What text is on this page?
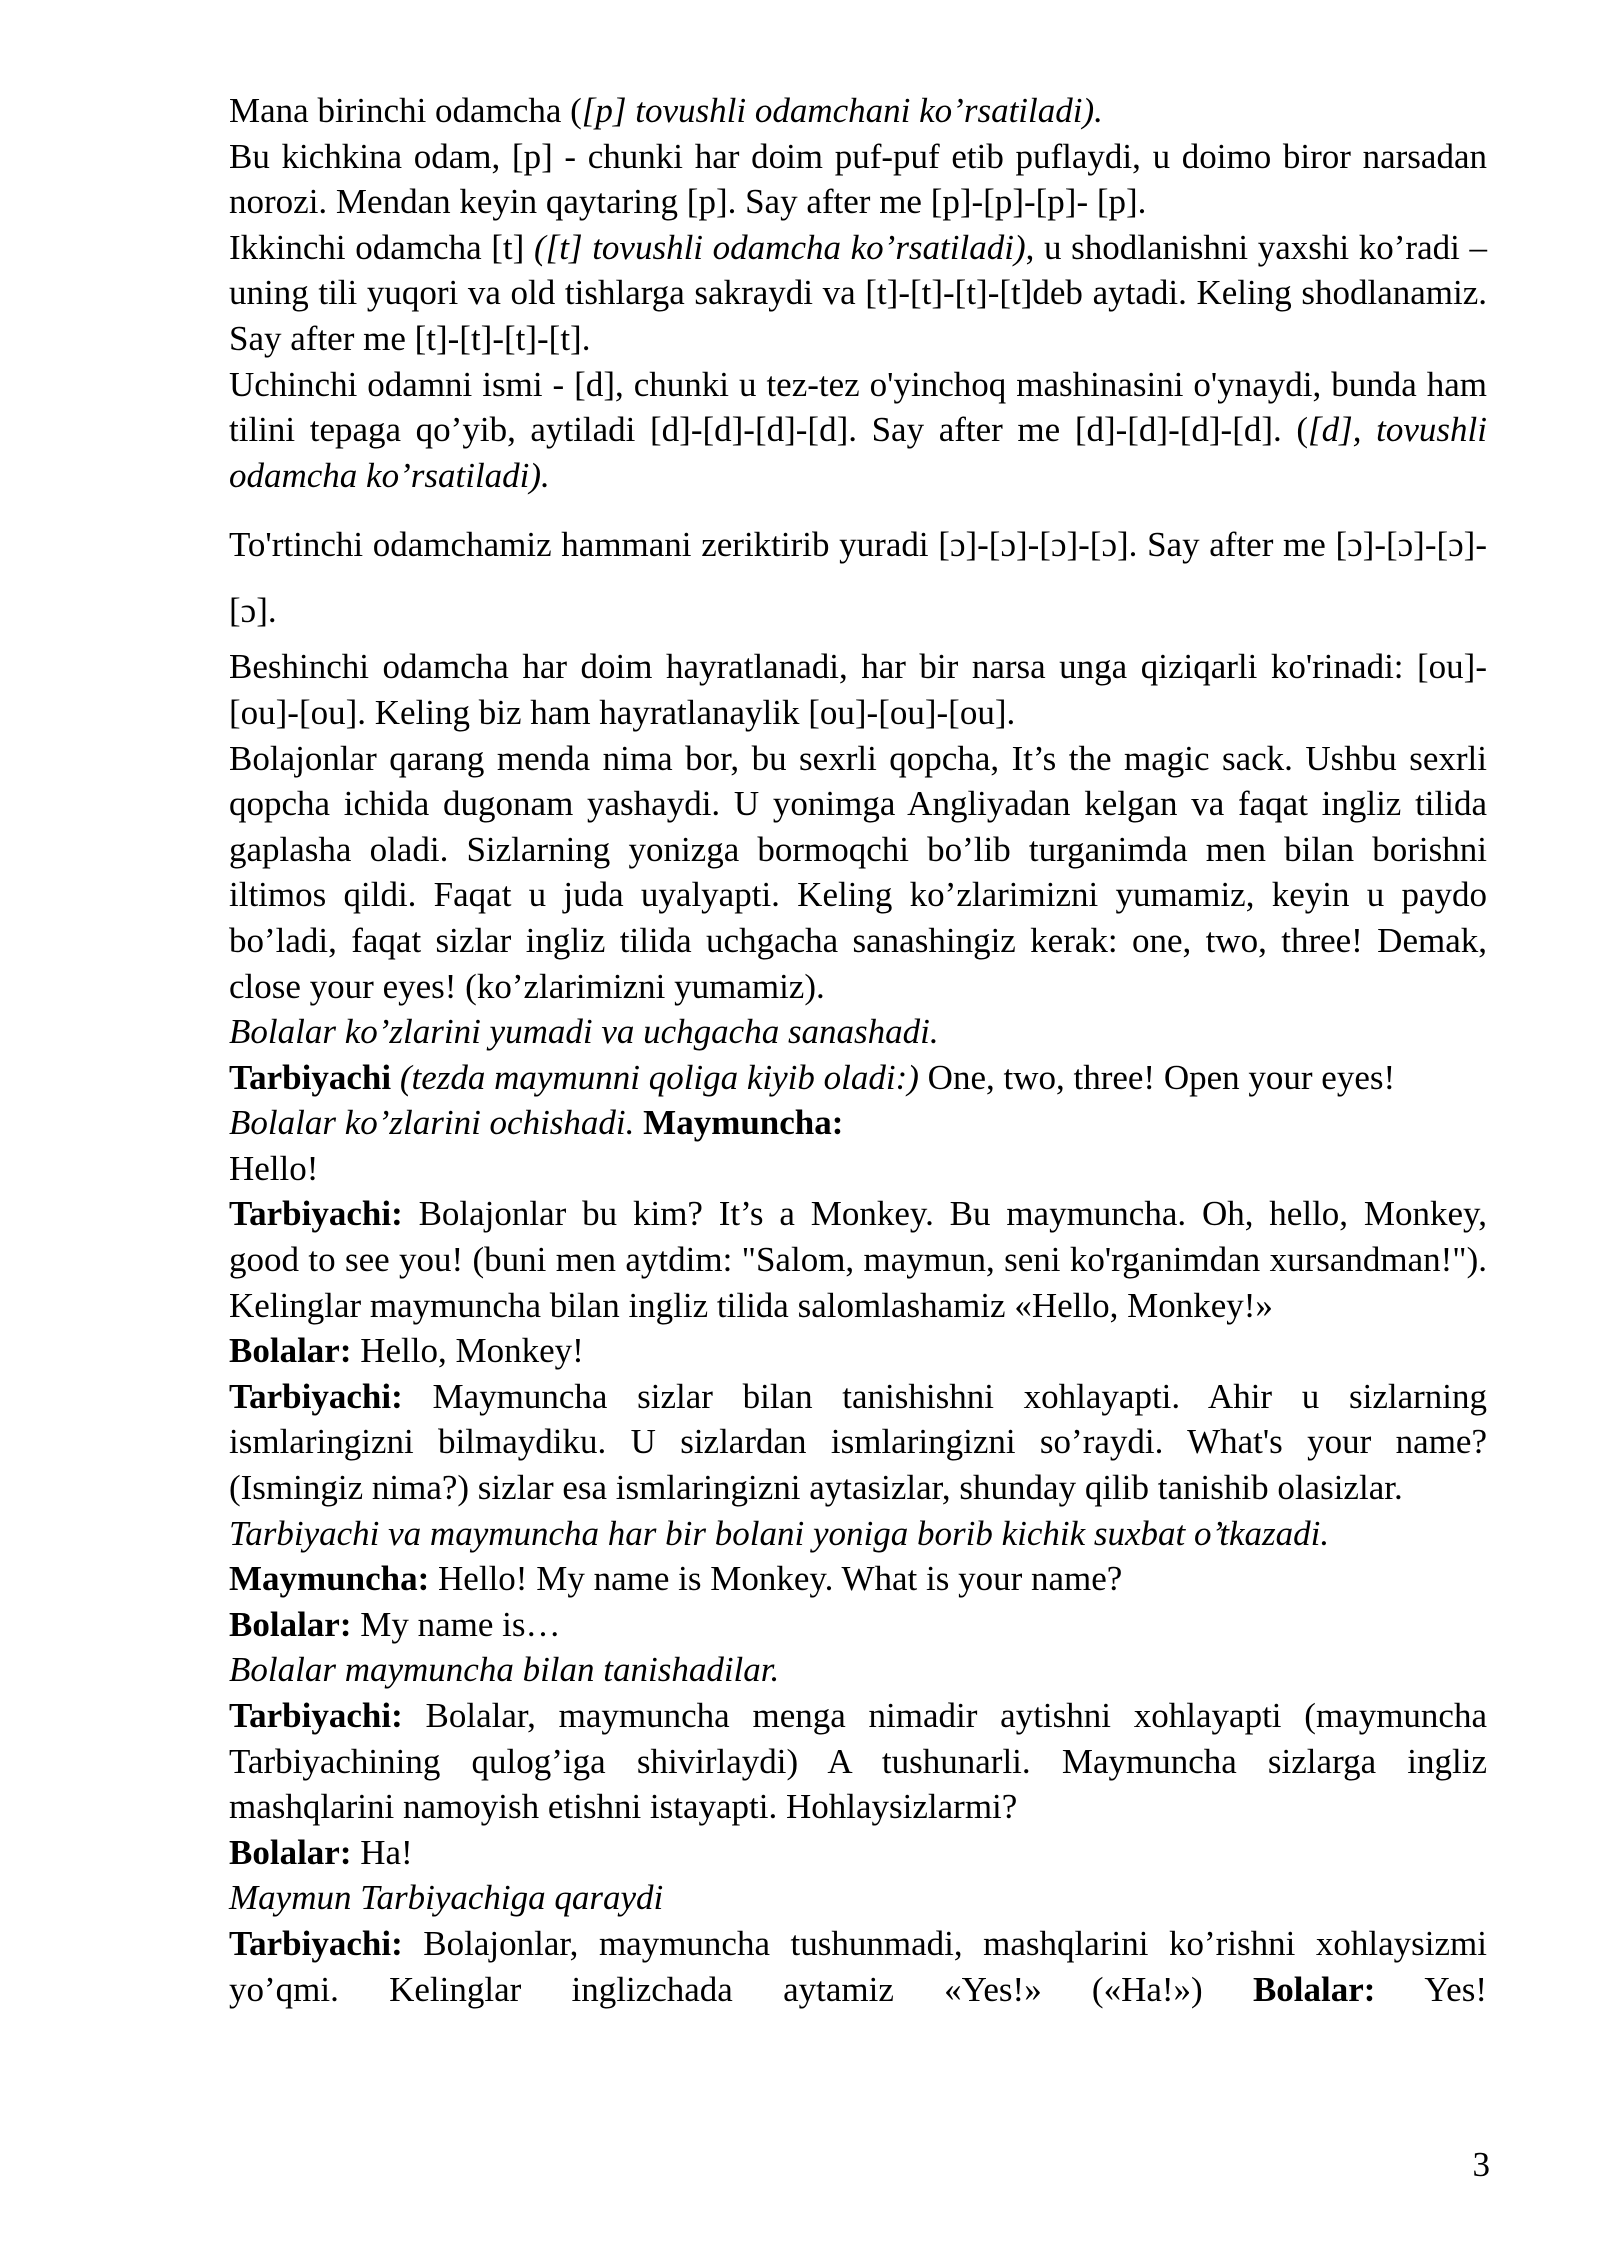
Mana birinchi odamcha ([p] tovushli odamchani ko’rsatiladi).

Bu kichkina odam, [p] - chunki har doim puf-puf etib puflaydi, u doimo biror narsadan norozi. Mendan keyin qaytaring [p]. Say after me [p]-[p]-[p]- [p].

Ikkinchi odamcha [t] ([t] tovushli odamcha ko’rsatiladi), u shodlanishni yaxshi ko’radi – uning tili yuqori va old tishlarga sakraydi va [t]-[t]-[t]-[t]deb aytadi. Keling shodlanamiz. Say after me [t]-[t]-[t]-[t].

Uchinchi odamni ismi - [d], chunki u tez-tez o'yinchoq mashinasini o'ynaydi, bunda ham tilini tepaga qo’yib, aytiladi [d]-[d]-[d]-[d]. Say after me [d]-[d]-[d]-[d]. ([d], tovushli odamcha ko’rsatiladi).

To'rtinchi odamchamiz hammani zeriktirib yuradi [ɔ]-[ɔ]-[ɔ]-[ɔ]. Say after me [ɔ]-[ɔ]-[ɔ]-[ɔ].

Beshinchi odamcha har doim hayratlanadi, har bir narsa unga qiziqarli ko'rinadi: [ou]-[ou]-[ou]. Keling biz ham hayratlanaylik [ou]-[ou]-[ou].

Bolajonlar qarang menda nima bor, bu sexrli qopcha, It’s the magic sack. Ushbu sexrli qopcha ichida dugonam yashaydi. U yonimga Angliyadan kelgan va faqat ingliz tilida gaplasha oladi. Sizlarning yonizga bormoqchi bo’lib turganimda men bilan borishni iltimos qildi. Faqat u juda uyalyapti. Keling ko’zlarimizni yumamiz, keyin u paydo bo’ladi, faqat sizlar ingliz tilida uchgacha sanashingiz kerak: one, two, three! Demak, close your eyes! (ko’zlarimizni yumamiz).

Bolalar ko’zlarini yumadi va uchgacha sanashadi.

Tarbiyachi (tezda maymunni qoliga kiyib oladi:) One, two, three! Open your eyes!

Bolalar ko’zlarini ochishadi. Maymuncha:

Hello!

Tarbiyachi: Bolajonlar bu kim? It’s a Monkey. Bu maymuncha. Oh, hello, Monkey, good to see you! (buni men aytdim: "Salom, maymun, seni ko'rganimdan xursandman!"). Kelinglar maymuncha bilan ingliz tilida salomlashamiz «Hello, Monkey!»

Bolalar: Hello, Monkey!

Tarbiyachi: Maymuncha sizlar bilan tanishishni xohlayapti. Ahir u sizlarning ismlaringizni bilmaydiku. U sizlardan ismlaringizni so’raydi. What's your name? (Ismingiz nima?) sizlar esa ismlaringizni aytasizlar, shunday qilib tanishib olasizlar.

Tarbiyachi va maymuncha har bir bolani yoniga borib kichik suxbat o’tkazadi.

Maymuncha: Hello! My name is Monkey. What is your name?

Bolalar: My name is…

Bolalar maymuncha bilan tanishadilar.

Tarbiyachi: Bolalar, maymuncha menga nimadir aytishni xohlayapti (maymuncha Tarbiyachining qulog’iga shivirlaydi) A tushunarli. Maymuncha sizlarga ingliz mashqlarini namoyish etishni istayapti. Hohlaysizlarmi?

Bolalar: Ha!

Maymun Tarbiyachiga qaraydi

Tarbiyachi: Bolajonlar, maymuncha tushunmadi, mashqlarini ko’rishni xohlaysizmi yo’qmi. Kelinglar inglizchada aytamiz «Yes!» («Ha!») Bolalar: Yes!

3
